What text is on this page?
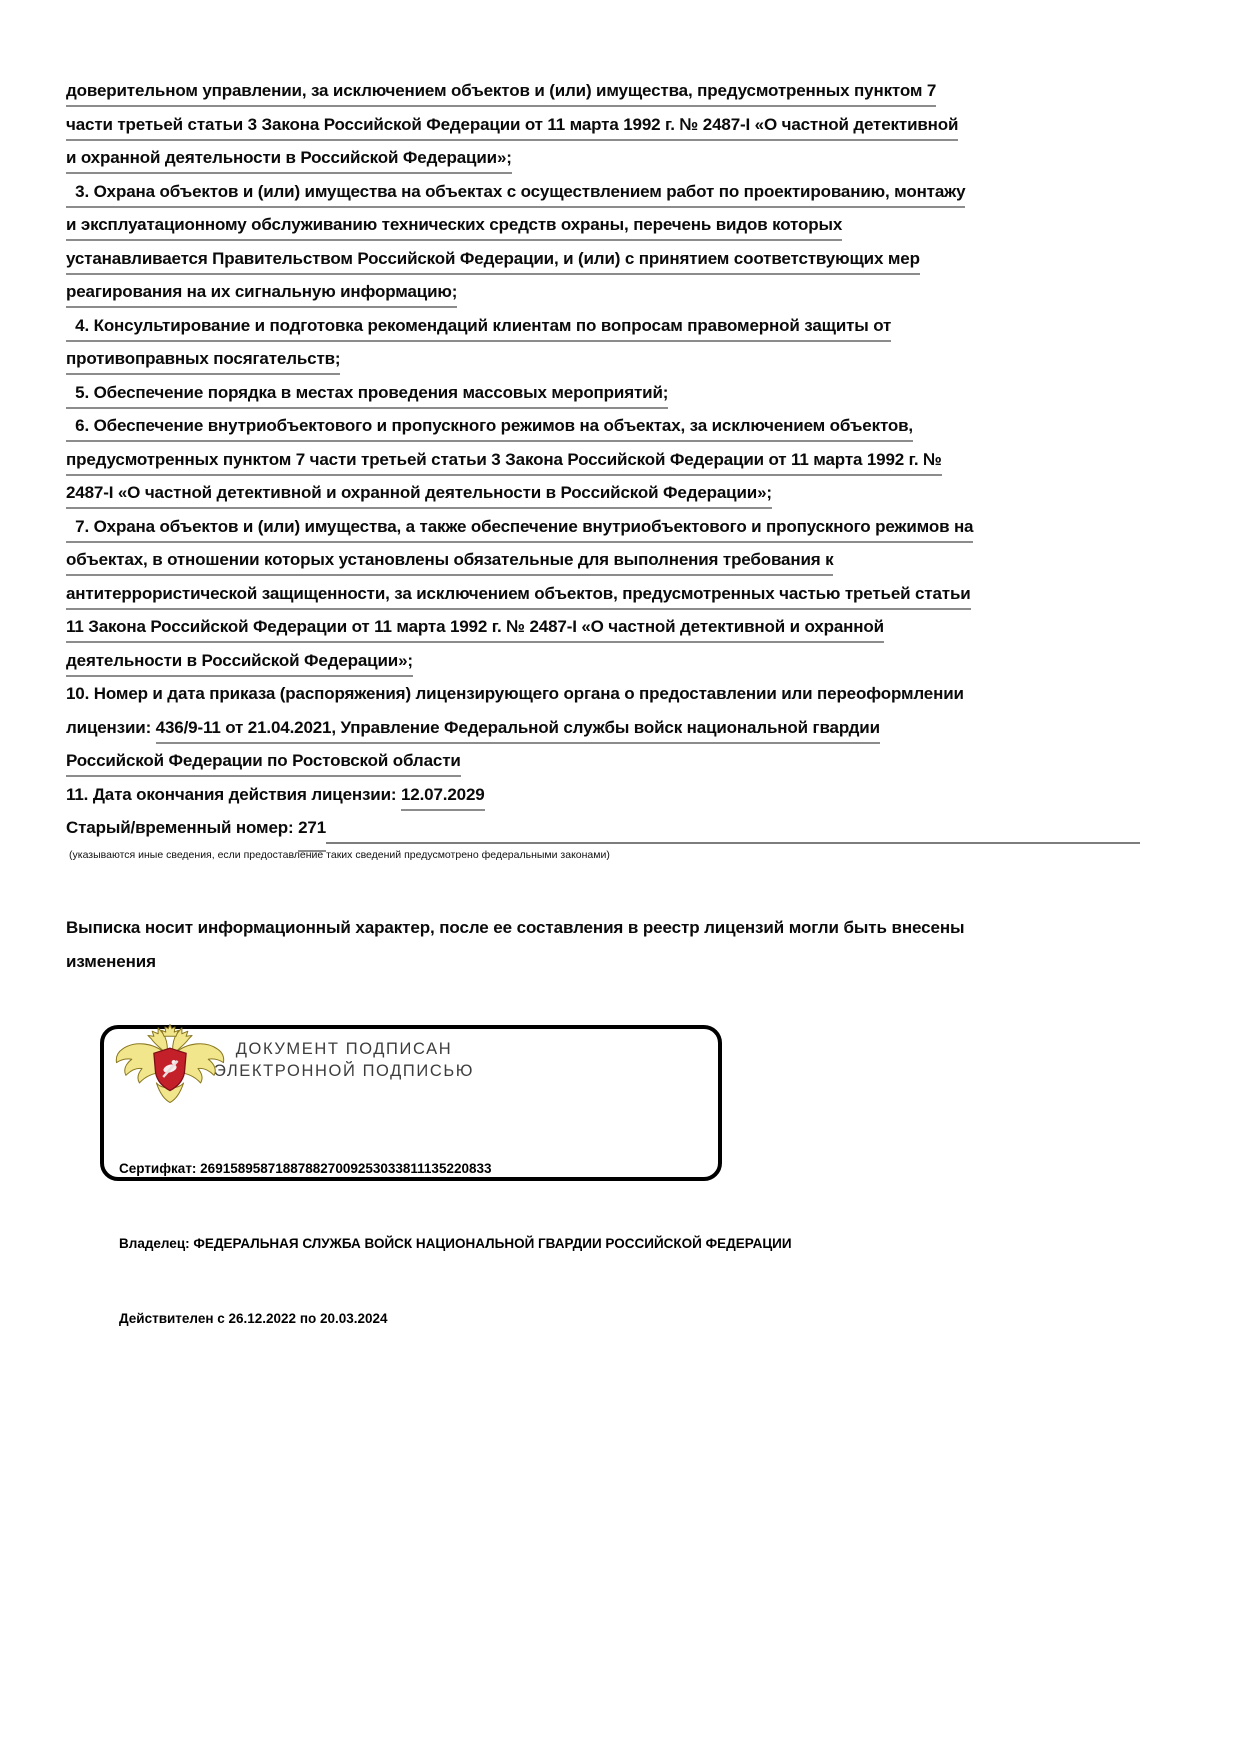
доверительном управлении, за исключением объектов и (или) имущества, предусмотренных пунктом 7
части третьей статьи 3 Закона Российской Федерации от 11 марта 1992 г. № 2487-I «О частной детективной
и охранной деятельности в Российской Федерации»;
3. Охрана объектов и (или) имущества на объектах с осуществлением работ по проектированию, монтажу
и эксплуатационному обслуживанию технических средств охраны, перечень видов которых
устанавливается Правительством Российской Федерации, и (или) с принятием соответствующих мер
реагирования на их сигнальную информацию;
4. Консультирование и подготовка рекомендаций клиентам по вопросам правомерной защиты от
противоправных посягательств;
5. Обеспечение порядка в местах проведения массовых мероприятий;
6. Обеспечение внутриобъектового и пропускного режимов на объектах, за исключением объектов,
предусмотренных пунктом 7 части третьей статьи 3 Закона Российской Федерации от 11 марта 1992 г. №
2487-I «О частной детективной и охранной деятельности в Российской Федерации»;
7. Охрана объектов и (или) имущества, а также обеспечение внутриобъектового и пропускного режимов на
объектах, в отношении которых установлены обязательные для выполнения требования к
антитеррористической защищенности, за исключением объектов, предусмотренных частью третьей статьи
11 Закона Российской Федерации от 11 марта 1992 г. № 2487-I «О частной детективной и охранной
деятельности в Российской Федерации»;
10. Номер и дата приказа (распоряжения) лицензирующего органа о предоставлении или переоформлении
лицензии: 436/9-11 от 21.04.2021, Управление Федеральной службы войск национальной гвардии
Российской Федерации по Ростовской области
11. Дата окончания действия лицензии: 12.07.2029
Старый/временный номер: 271
(указываются иные сведения, если предоставление таких сведений предусмотрено федеральными законами)
Выписка носит информационный характер, после ее составления в реестр лицензий могли быть внесены
изменения
ДОКУМЕНТ ПОДПИСАН
ЭЛЕКТРОННОЙ ПОДПИСЬЮ

Сертифкат: 269158958718878827009253033811135220833

Владелец: ФЕДЕРАЛЬНАЯ СЛУЖБА ВОЙСК НАЦИОНАЛЬНОЙ ГВАРДИИ РОССИЙСКОЙ ФЕДЕРАЦИИ

Действителен с 26.12.2022 по 20.03.2024
